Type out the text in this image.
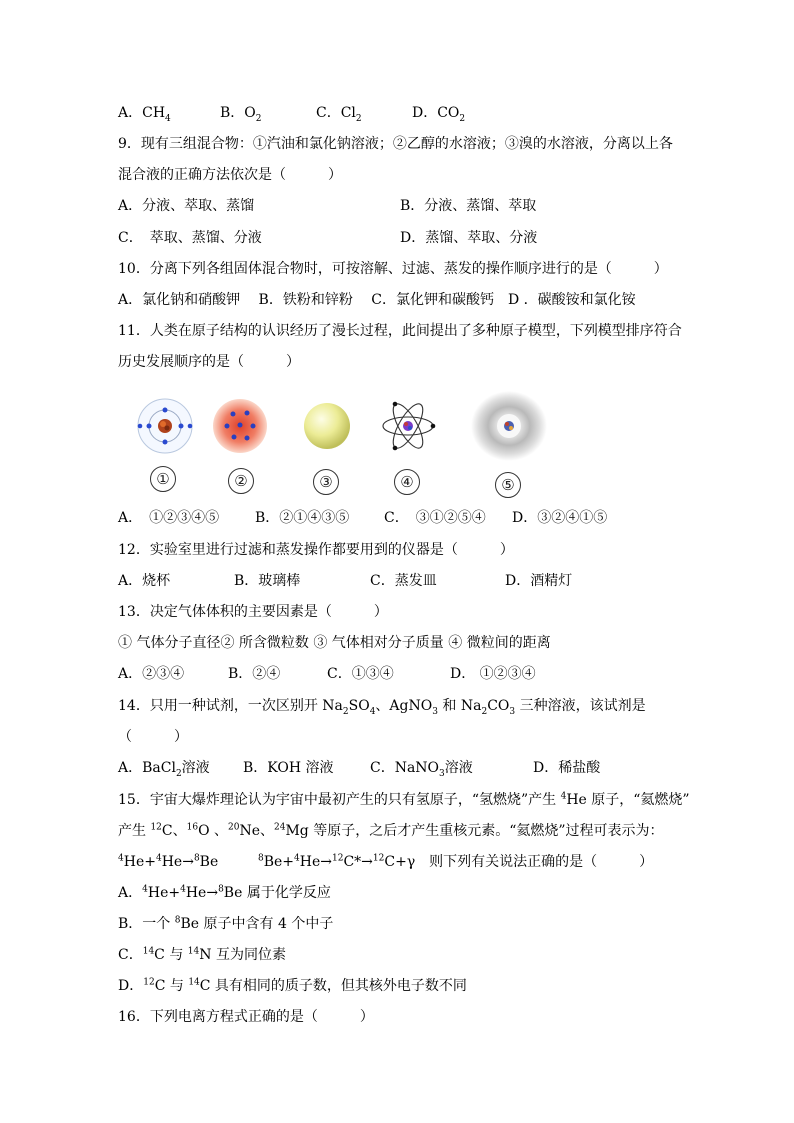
A．$CH_4$	B．$O_2$	C．$Cl_2$	D．$CO_2$
9．现有三组混合物：①汽油和氯化钠溶液；②乙醇的水溶液；③溴的水溶液，分离以上各
混合液的正确方法依次是（　　　）
A．分液、萃取、蒸馏	B．分液、蒸馏、萃取
C．　萃取、蒸馏、分液	D．蒸馏、萃取、分液
10．分离下列各组固体混合物时，可按溶解、过滤、蒸发的操作顺序进行的是（　　　）
A．氯化钠和硝酸钾　 B．铁粉和锌粉　 C．氯化钾和碳酸钙　D ．碳酸铵和氯化铵
11．人类在原子结构的认识经历了漫长过程，此间提出了多种原子模型，下列模型排序符合
历史发展顺序的是（　　　）
①	②	③	④	⑤
A．　①②③④⑤	B．②①④③⑤ C．　③①②⑤④ D．③②④①⑤
12．实验室里进行过滤和蒸发操作都要用到的仪器是（　　　）
A．烧杯	B．玻璃棒	C．蒸发皿	D．酒精灯
13．决定气体体积的主要因素是（　　　）
① 气体分子直径② 所含微粒数 ③ 气体相对分子质量 ④ 微粒间的距离
A．②③④	B．②④	C．①③④	D． ①②③④
14．只用一种试剂，一次区别开 $Na_2SO_4$、AgNO$_3$ 和 $Na_2CO_3$ 三种溶液，该试剂是
（　　　）
A．BaCl$_2$溶液 B．KOH 溶液	C．NaNO$_3$溶液	D．稀盐酸
15．宇宙大爆炸理论认为宇宙中最初产生的只有氢原子，“氢燃烧”产生 $^4$He 原子，“氦燃烧”
产生 $^{12}$C、$^{16}$O 、$^{20}$Ne、$^{24}$Mg 等原子，之后才产生重核元素。“氦燃烧”过程可表示为：
$^4$He+$^4$He→$^8$Be	$^8$Be+$^4$He→$^{12}$C*→$^{12}$C+γ　则下列有关说法正确的是（　　　）
A．$^4$He+$^4$He→$^8$Be 属于化学反应
B．一个 $^8$Be 原子中含有 4 个中子
C．$^{14}$C 与 $^{14}$N 互为同位素
D．$^{12}$C 与 $^{14}$C 具有相同的质子数，但其核外电子数不同
16．下列电离方程式正确的是（　　　）
